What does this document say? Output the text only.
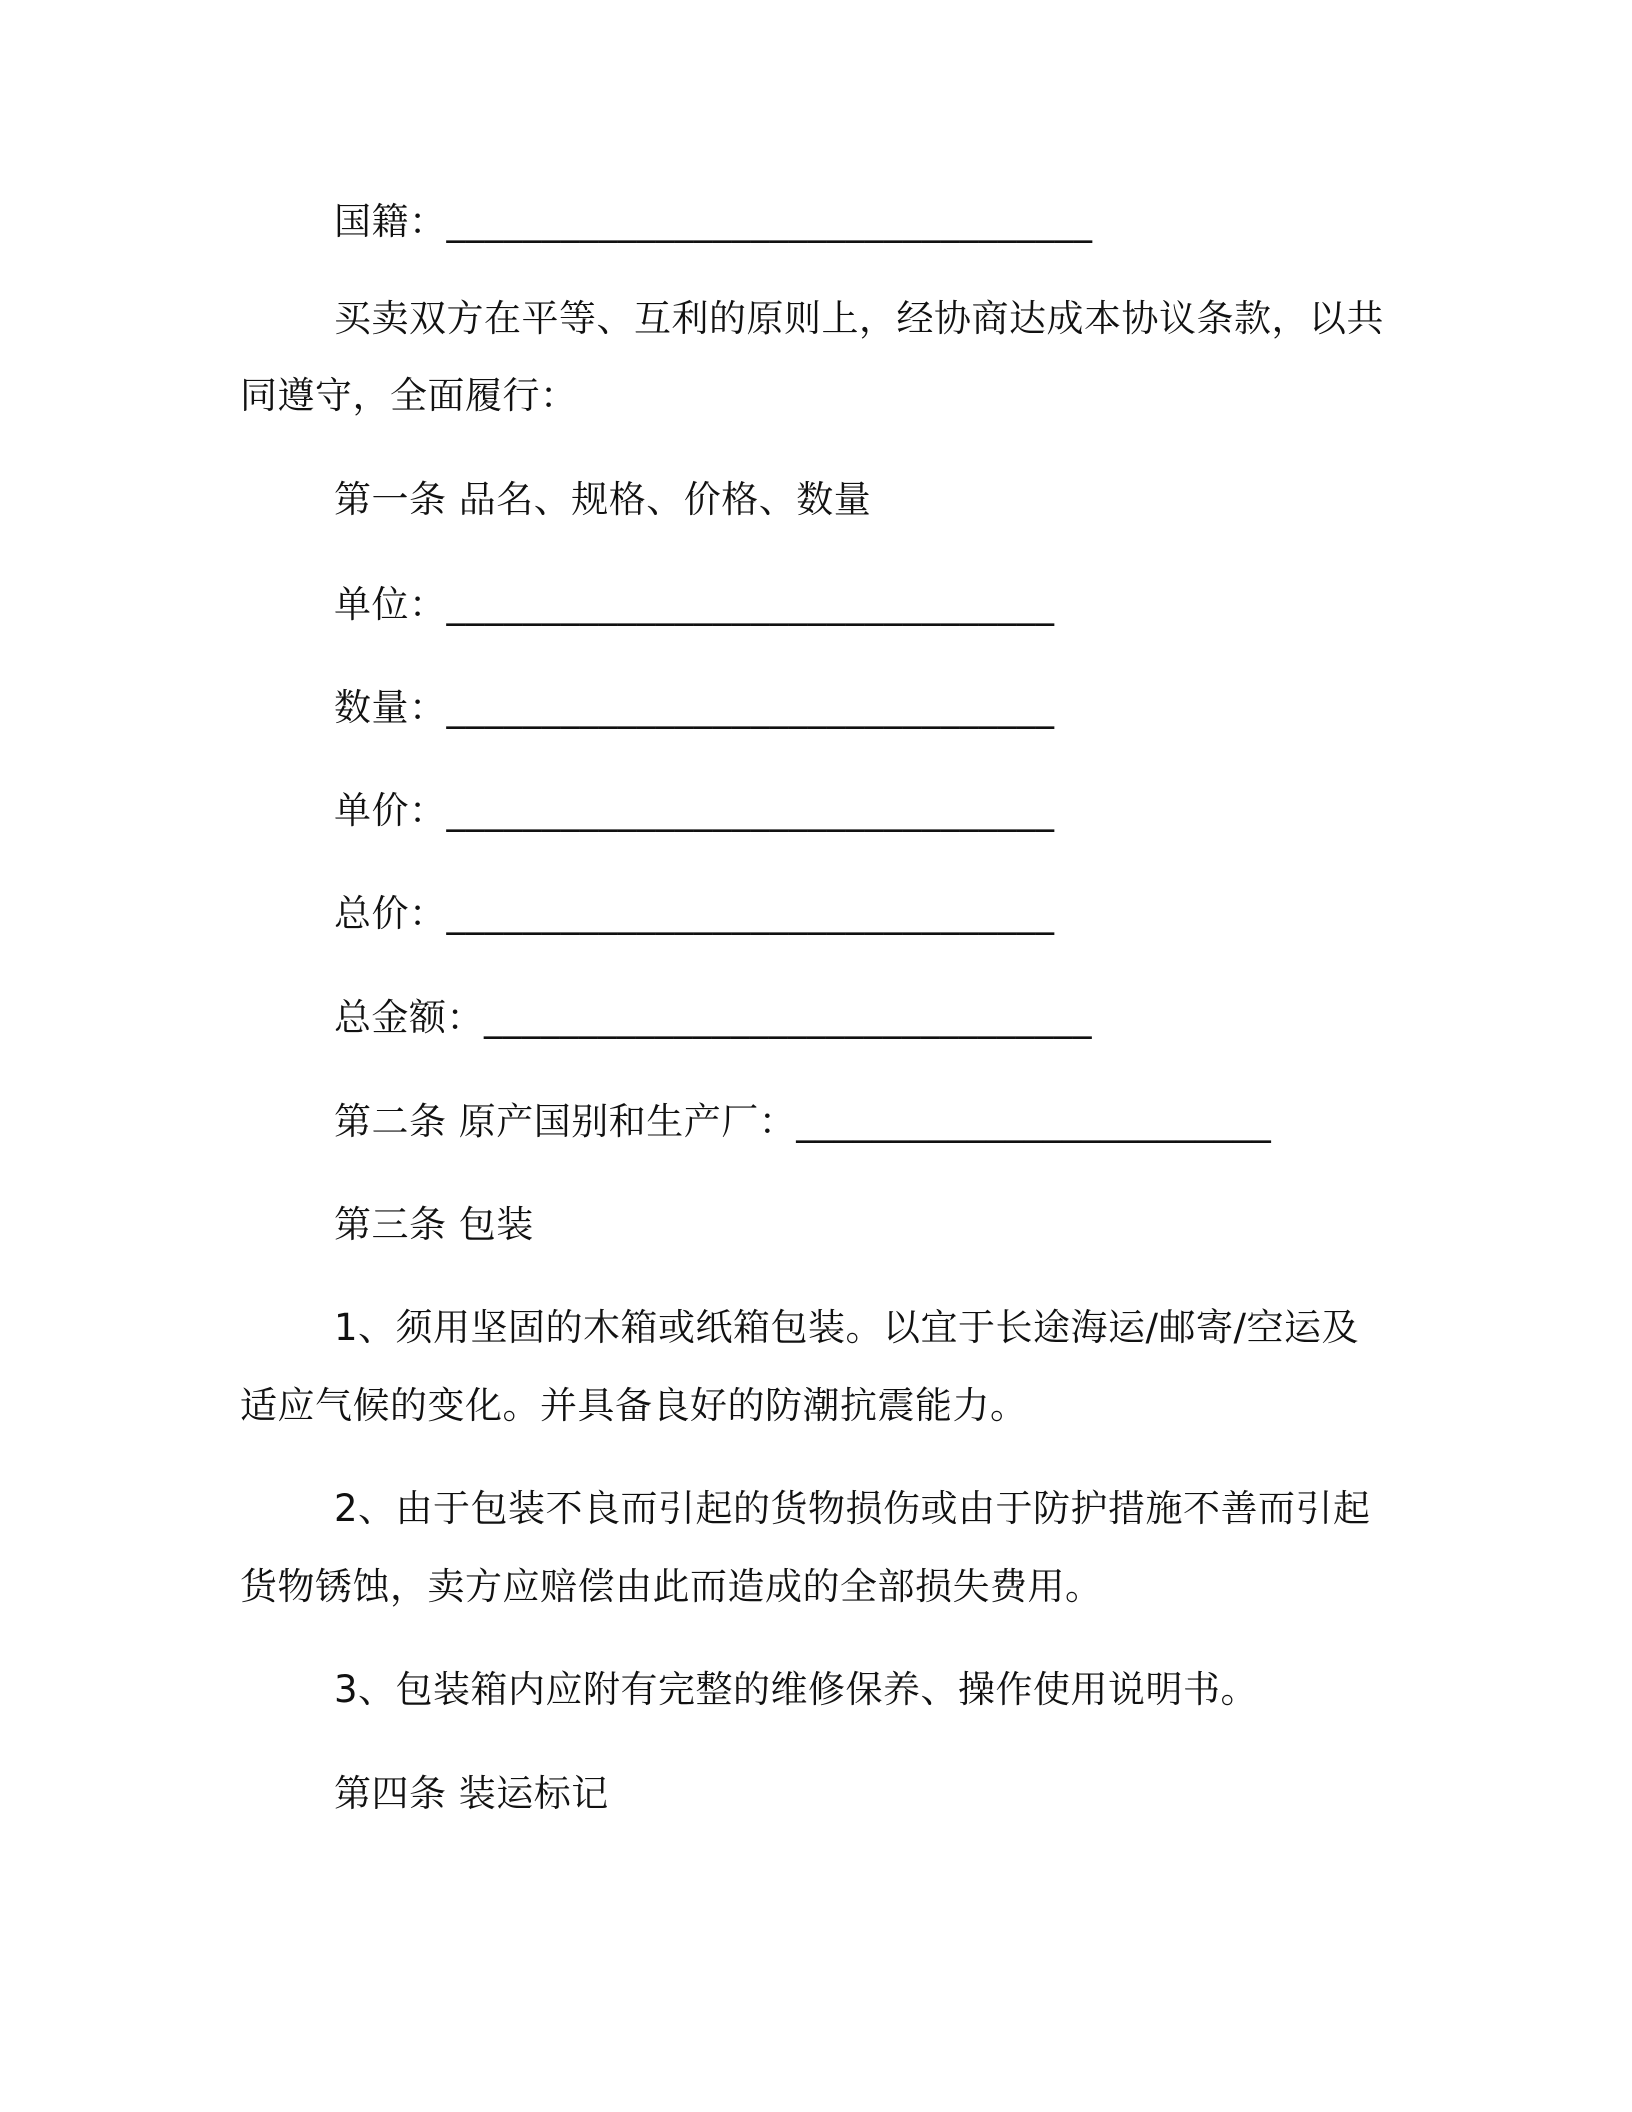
国籍：__________________________________
买卖双方在平等、互利的原则上，经协商达成本协议条款，以共
同遵守，全面履行：
第一条 品名、规格、价格、数量
单位：________________________________
数量：________________________________
单价：________________________________
总价：________________________________
总金额：________________________________
第二条 原产国别和生产厂：_________________________
第三条 包装
1、须用坚固的木箱或纸箱包装。以宜于长途海运/邮寄/空运及
适应气候的变化。并具备良好的防潮抗震能力。
2、由于包装不良而引起的货物损伤或由于防护措施不善而引起
货物锈蚀，卖方应赔偿由此而造成的全部损失费用。
3、包装箱内应附有完整的维修保养、操作使用说明书。
第四条 装运标记
